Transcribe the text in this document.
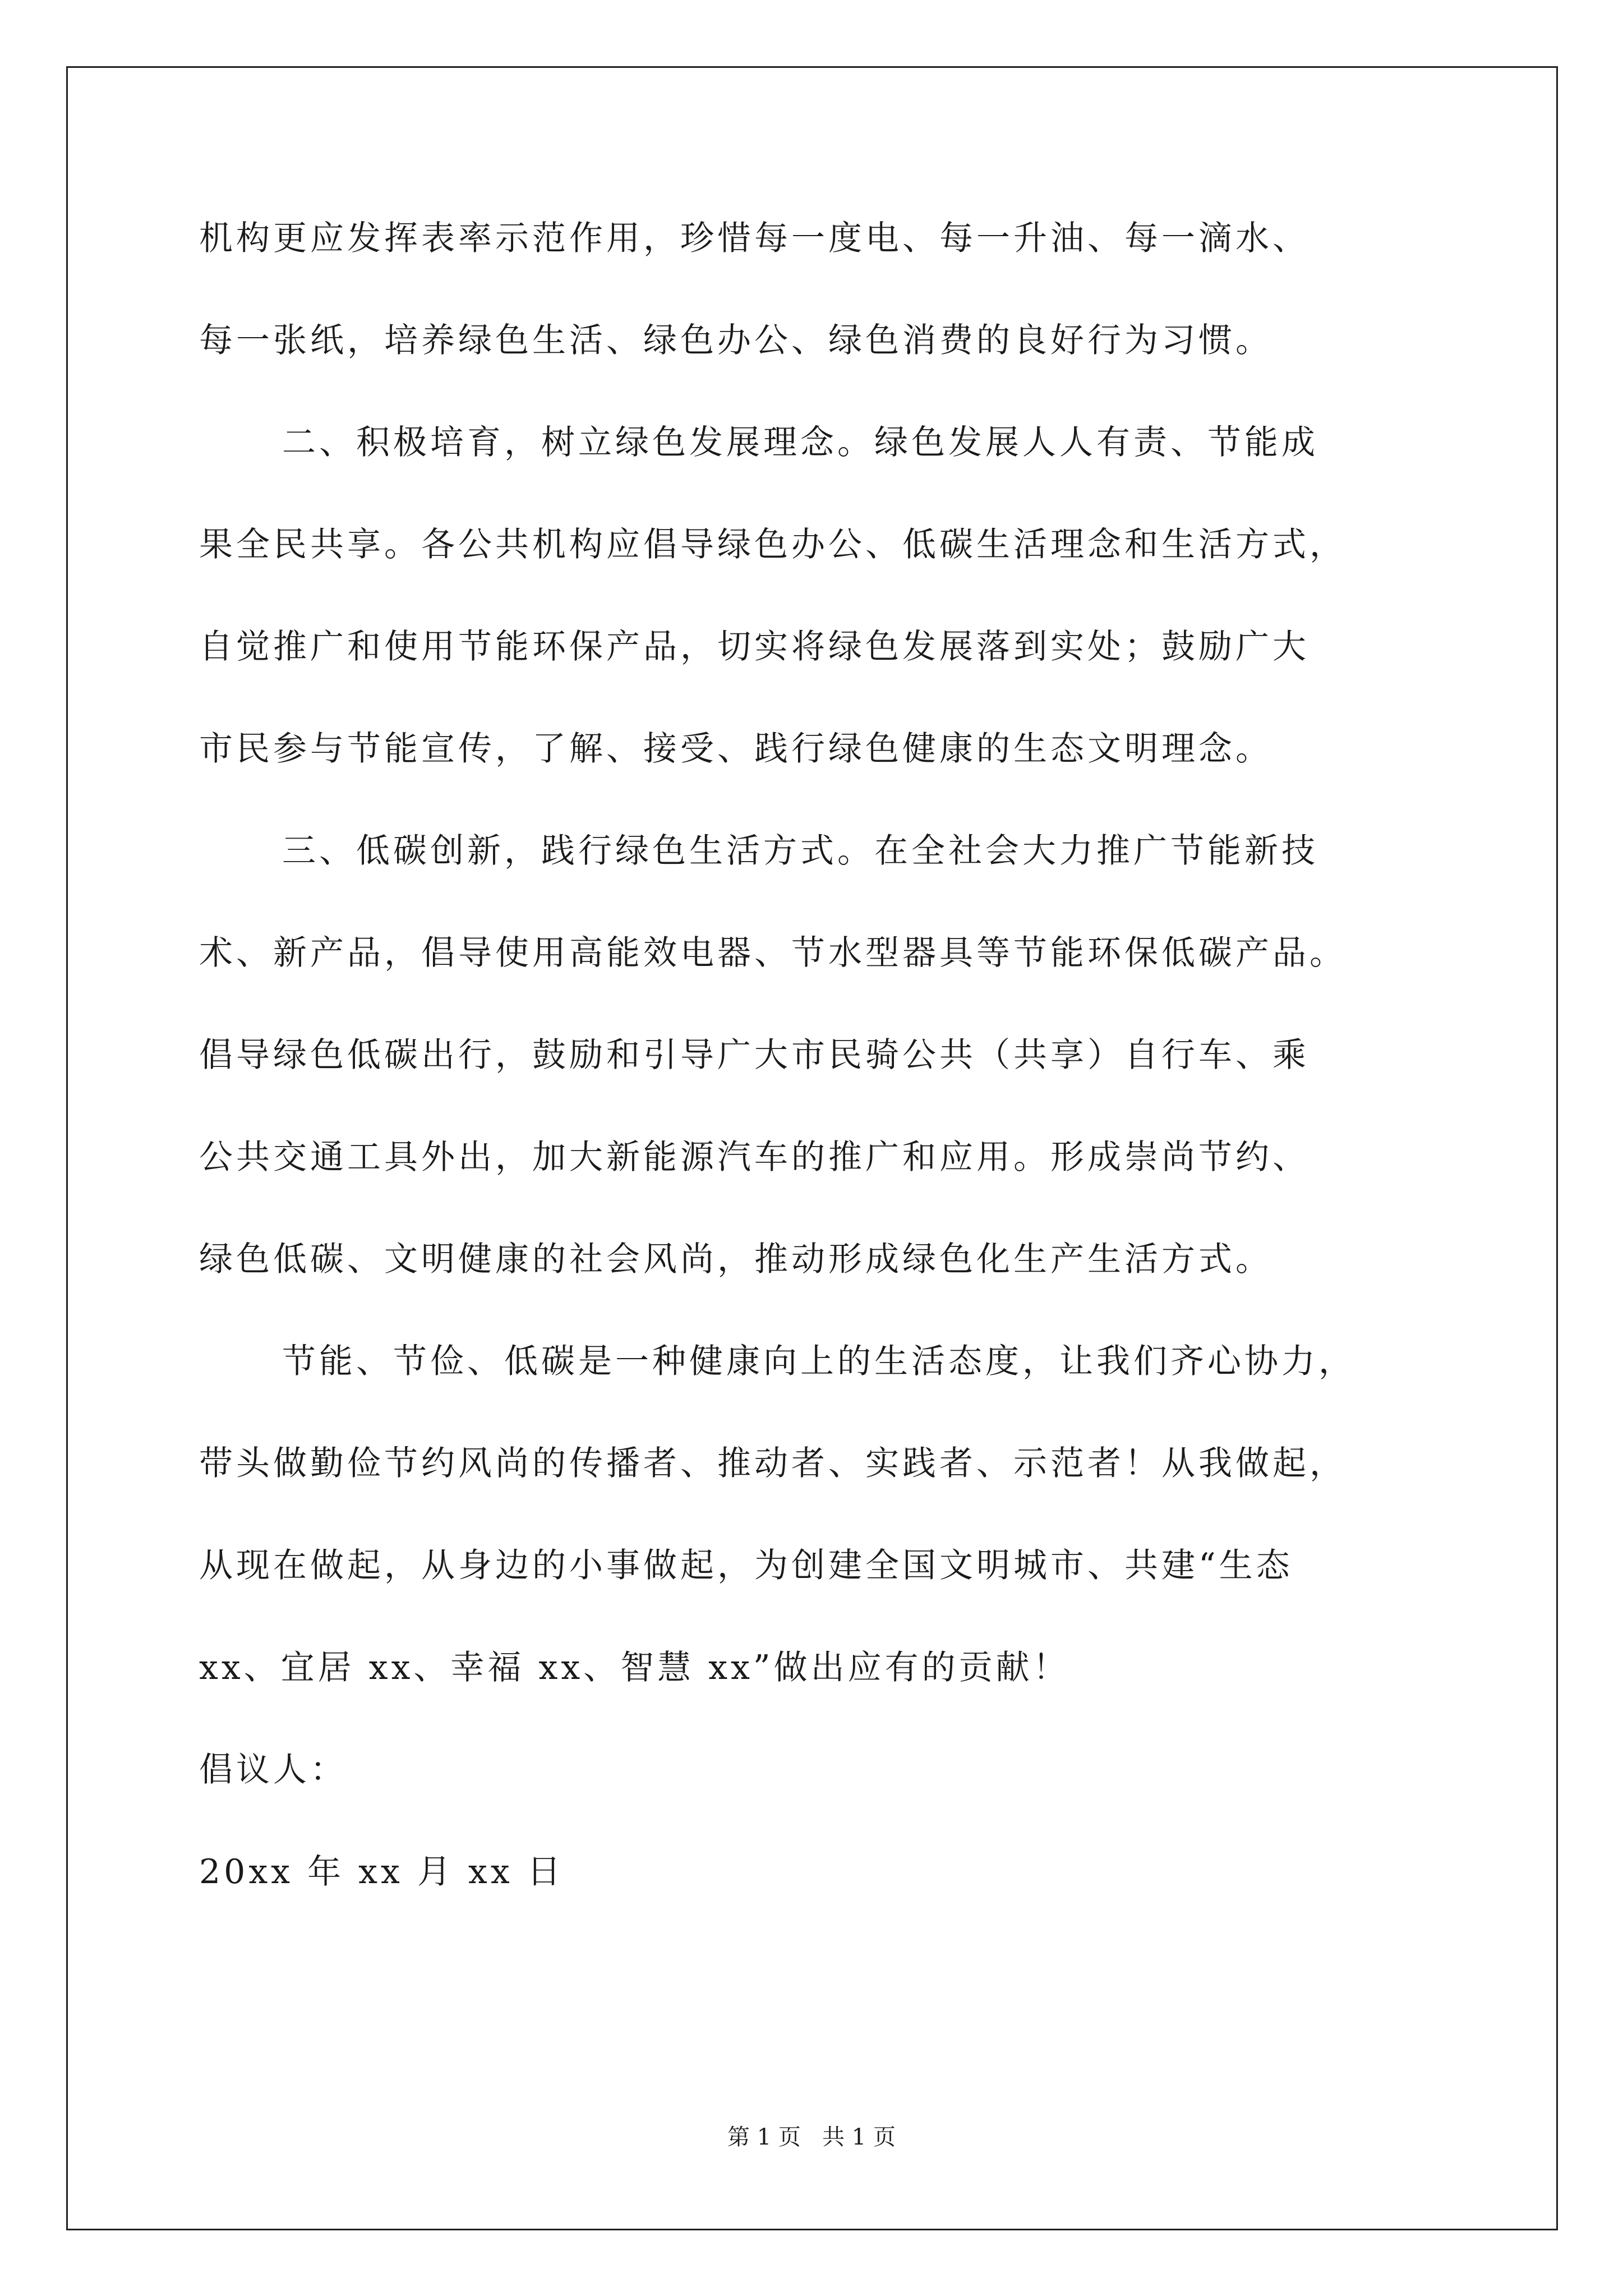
机构更应发挥表率示范作用，珍惜每一度电、每一升油、每一滴水、
每一张纸，培养绿色生活、绿色办公、绿色消费的良好行为习惯。
二、积极培育，树立绿色发展理念。绿色发展人人有责、节能成
果全民共享。各公共机构应倡导绿色办公、低碳生活理念和生活方式，
自觉推广和使用节能环保产品，切实将绿色发展落到实处；鼓励广大
市民参与节能宣传，了解、接受、践行绿色健康的生态文明理念。
三、低碳创新，践行绿色生活方式。在全社会大力推广节能新技
术、新产品，倡导使用高能效电器、节水型器具等节能环保低碳产品。
倡导绿色低碳出行，鼓励和引导广大市民骑公共（共享）自行车、乘
公共交通工具外出，加大新能源汽车的推广和应用。形成崇尚节约、
绿色低碳、文明健康的社会风尚，推动形成绿色化生产生活方式。
节能、节俭、低碳是一种健康向上的生活态度，让我们齐心协力，
带头做勤俭节约风尚的传播者、推动者、实践者、示范者！从我做起，
从现在做起，从身边的小事做起，为创建全国文明城市、共建“生态
xx、宜居 xx、幸福 xx、智慧 xx”做出应有的贡献！
倡议人：
20xx 年 xx 月 xx 日
第 1 页   共 1 页
